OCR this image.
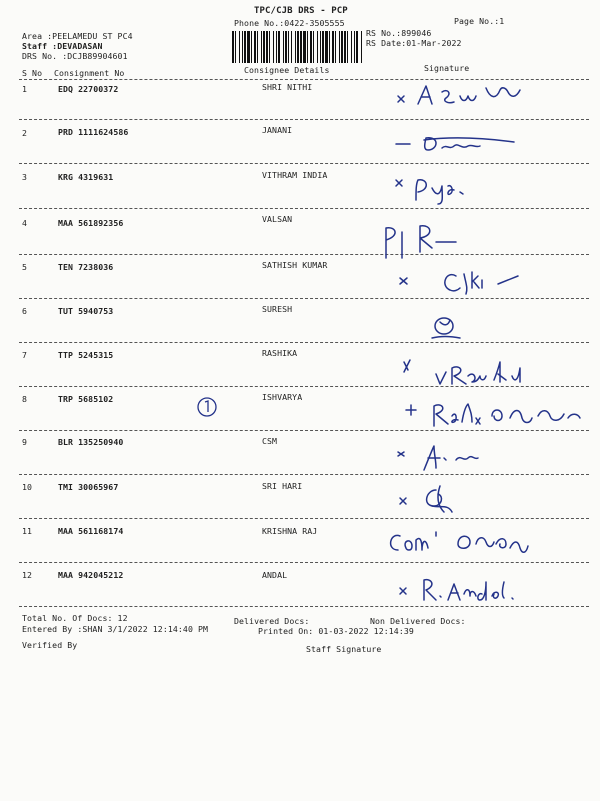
TPC/CJB DRS - PCP
Phone No.:0422-3505555	Page No.:1
Area :PEELAMEDU ST PC4
Staff :DEVADASAN
DRS No. :DCJB89904601
RS No.:899046
RS Date:01-Mar-2022
S No Consignment No	Consignee Details	Signature
1	EDQ 22700372	SHRI NITHI
2	PRD 1111624586	JANANI
3	KRG 4319631	VITHRAM INDIA
4	MAA 561892356	VALSAN
5	TEN 7238036	SATHISH KUMAR
6	TUT 5940753	SURESH
7	TTP 5245315	RASHIKA
8	TRP 5685102	ISHVARYA
9	BLR 135250940	CSM
10	TMI 30065967	SRI HARI
11	MAA 561168174	KRISHNA RAJ
12	MAA 942045212	ANDAL
Total No. Of Docs: 12	Delivered Docs:	Non Delivered Docs:
Entered By :SHAN 3/1/2022 12:14:40 PM	Printed On: 01-03-2022 12:14:39
Verified By	Staff Signature
